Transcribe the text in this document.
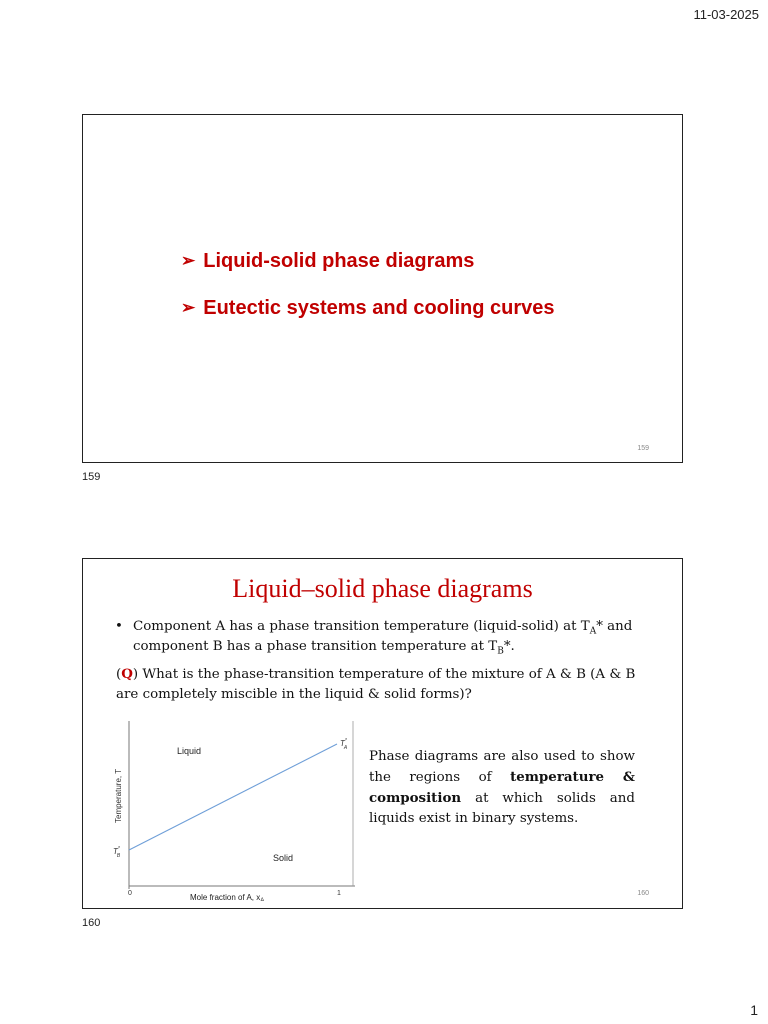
11-03-2025
➢ Liquid-solid phase diagrams
➢ Eutectic systems and cooling curves
159
159
Liquid–solid phase diagrams
• Component A has a phase transition temperature (liquid-solid) at $T_A*$ and component B has a phase transition temperature at $T_B*$.
(Q) What is the phase-transition temperature of the mixture of A & B (A & B are completely miscible in the liquid & solid forms)?
Liquid
Solid
Temperature, T
Mole fraction of A, $x_A$
0	1
T* A
T* B
Phase diagrams are also used to show the regions of temperature & composition at which solids and liquids exist in binary systems.
160
160
1
